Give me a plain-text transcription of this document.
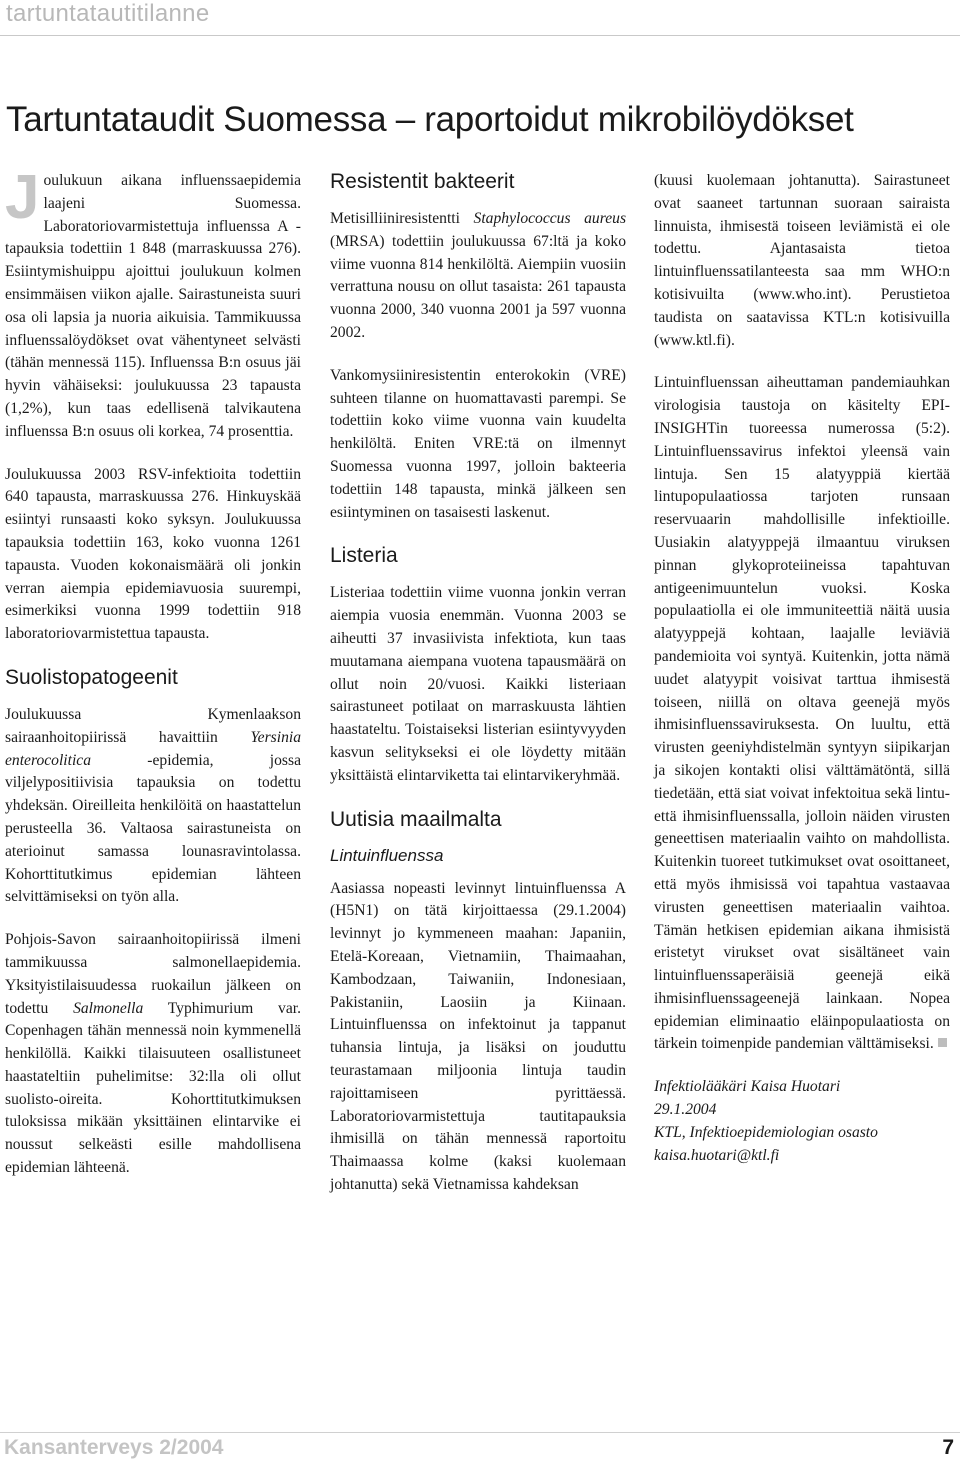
tartuntatautitilanne
Tartuntataudit Suomessa – raportoidut mikrobilöydökset

Joulukuun aikana influenssaepidemia laajeni Suomessa. Laboratoriovarmistettuja influenssa A -tapauksia todettiin 1 848 (marraskuussa 276). Esiintymishuippu ajoittui joulukuun kolmen ensimmäisen viikon ajalle. Sairastuneista suuri osa oli lapsia ja nuoria aikuisia. Tammikuussa influenssalöydökset ovat vähentyneet selvästi (tähän mennessä 115). Influenssa B:n osuus jäi hyvin vähäiseksi: joulukuussa 23 tapausta (1,2%), kun taas edellisenä talvikautena influenssa B:n osuus oli korkea, 74 prosenttia.

Joulukuussa 2003 RSV-infektioita todettiin 640 tapausta, marraskuussa 276. Hinkuyskää esiintyi runsaasti koko syksyn. Joulukuussa tapauksia todettiin 163, koko vuonna 1261 tapausta. Vuoden kokonaismäärä oli jonkin verran aiempia epidemiavuosia suurempi, esimerkiksi vuonna 1999 todettiin 918 laboratoriovarmistettua tapausta.

Suolistopatogeenit

Joulukuussa Kymenlaakson sairaanhoitopiirissä havaittiin Yersinia enterocolitica -epidemia, jossa viljelypositiivisia tapauksia on todettu yhdeksän. Oireilleita henkilöitä on haastattelun perusteella 36. Valtaosa sairastuneista on aterioinut samassa lounasravintolassa. Kohorttitutkimus epidemian lähteen selvittämiseksi on työn alla.

Pohjois-Savon sairaanhoitopiirissä ilmeni tammikuussa salmonellaepidemia. Yksityistilaisuudessa ruokailun jälkeen on todettu Salmonella Typhimurium var. Copenhagen tähän mennessä noin kymmenellä henkilöllä. Kaikki tilaisuuteen osallistuneet haastateltiin puhelimitse: 32:lla oli ollut suolisto-oireita. Kohorttitutkimuksen tuloksissa mikään yksittäinen elintarvike ei noussut selkeästi esille mahdollisena epidemian lähteenä.

Resistentit bakteerit

Metisilliiniresistentti Staphylococcus aureus (MRSA) todettiin joulukuussa 67:ltä ja koko viime vuonna 814 henkilöltä. Aiempiin vuosiin verrattuna nousu on ollut tasaista: 261 tapausta vuonna 2000, 340 vuonna 2001 ja 597 vuonna 2002.

Vankomysiiniresistentin enterokokin (VRE) suhteen tilanne on huomattavasti parempi. Se todettiin koko viime vuonna vain kuudelta henkilöltä. Eniten VRE:tä on ilmennyt Suomessa vuonna 1997, jolloin bakteeria todettiin 148 tapausta, minkä jälkeen sen esiintyminen on tasaisesti laskenut.

Listeria

Listeriaa todettiin viime vuonna jonkin verran aiempia vuosia enemmän. Vuonna 2003 se aiheutti 37 invasiivista infektiota, kun taas muutamana aiempana vuotena tapausmäärä on ollut noin 20/vuosi. Kaikki listeriaan sairastuneet potilaat on marraskuusta lähtien haastateltu. Toistaiseksi listerian esiintyvyyden kasvun selitykseksi ei ole löydetty mitään yksittäistä elintarviketta tai elintarvikeryhmää.

Uutisia maailmalta
Lintuinfluenssa

Aasiassa nopeasti levinnyt lintuinfluenssa A (H5N1) on tätä kirjoittaessa (29.1.2004) levinnyt jo kymmeneen maahan: Japaniin, Etelä-Koreaan, Vietnamiin, Thaimaahan, Kambodzaan, Taiwaniin, Indonesiaan, Pakistaniin, Laosiin ja Kiinaan. Lintuinfluenssa on infektoinut ja tappanut tuhansia lintuja, ja lisäksi on jouduttu teurastamaan miljoonia lintuja taudin rajoittamiseen pyrittäessä. Laboratoriovarmistettuja tautitapauksia ihmisillä on tähän mennessä raportoitu Thaimaassa kolme (kaksi kuolemaan johtanutta) sekä Vietnamissa kahdeksan

(kuusi kuolemaan johtanutta). Sairastuneet ovat saaneet tartunnan suoraan sairaista linnuista, ihmisestä toiseen leviämistä ei ole todettu. Ajantasaista tietoa lintuinfluenssatilanteesta saa mm WHO:n kotisivuilta (www.who.int). Perustietoa taudista on saatavissa KTL:n kotisivuilla (www.ktl.fi).

Lintuinfluenssan aiheuttaman pandemiauhkan virologisia taustoja on käsitelty EPI-INSIGHTin tuoreessa numerossa (5:2). Lintuinfluenssavirus infektoi yleensä vain lintuja. Sen 15 alatyyppiä kiertää lintupopulaatiossa tarjoten runsaan reservuaarin mahdollisille infektioille. Uusiakin alatyyppejä ilmaantuu viruksen pinnan glykoproteiineissa tapahtuvan antigeenimuuntelun vuoksi. Koska populaatiolla ei ole immuniteettiä näitä uusia alatyyppejä kohtaan, laajalle leviäviä pandemioita voi syntyä. Kuitenkin, jotta nämä uudet alatyypit voisivat tarttua ihmisestä toiseen, niillä on oltava geenejä myös ihmisinfluenssaviruksesta. On luultu, että virusten geeniyhdistelmän syntyyn siipikarjan ja sikojen kontakti olisi välttämätöntä, sillä tiedetään, että siat voivat infektoitua sekä lintu- että ihmisinfluenssalla, jolloin näiden virusten geneettisen materiaalin vaihto on mahdollista. Kuitenkin tuoreet tutkimukset ovat osoittaneet, että myös ihmisissä voi tapahtua vastaavaa virusten geneettisen materiaalin vaihtoa. Tämän hetkisen epidemian aikana ihmisistä eristetyt virukset ovat sisältäneet vain lintuinfluenssaperäisiä geenejä eikä ihmisinfluenssageenejä lainkaan. Nopea epidemian eliminaatio eläinpopulaatiosta on tärkein toimenpide pandemian välttämiseksi.

Infektiolääkäri Kaisa Huotari
29.1.2004
KTL, Infektioepidemiologian osasto
kaisa.huotari@ktl.fi
Kansanterveys 2/2004	7
